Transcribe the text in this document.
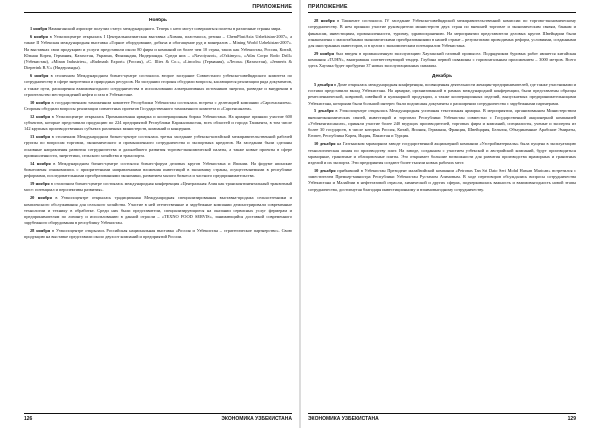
ПРИЛОЖЕНИЕ
Ноябрь

1 ноября Наманганский аэропорт получил статус международного. Теперь с него могут совершаться полеты в различные страны мира.

6 ноября в Узэкспоцентре открылась I Центральноазиатская выставка «Химия, пластмасса, резина – ChemPlastAsia Uzbekistan-2007», а также II Узбекская международная выставка «Горное оборудование, добыча и обогащение руд и минералов – Mining World Uzbekistan-2007». На выставках свои продукцию и услуги представили около 80 фирм и компаний из более чем 10 стран, таких как Узбекистан, Россия, Китай, Южная Корея, Германия, Казахстан, Украина, Финляндия, Нидерланды. Среди них – «Navoiyazot», «O'zkimyo», «Atlas Corpo Rodo Drill» (Узбекистан), «Minan Industries», «Rudmash Export» (Россия), «C. Illies & Co.», «Lincoln» (Германия), «Лесон» (Казахстан), «Jenneris & Dieperink B.V.» (Нидерланды).

6 ноября в столичном Международном бизнес-центре состоялось второе заседание Совместного узбекско-швейцарского комитета по сотрудничеству в сфере энергетики и природных ресурсов. На заседании стороны обсудили вопросы, касающиеся реализации ряда документов, а также пути, расширения взаимовыгодного сотрудничества в использовании альтернативных источников энергии, разведке и внедрении в строительство месторождений нефти и газа в Узбекистане.

10 ноября в государственном таможенном комитете Республики Узбекистан состоялась встреча с делегацией компании «Сарсенсанлем». Стороны обсудили вопросы реализации совместных проектов Государственного таможенного комитета и «Сарсенсанлем».

12 ноября в Узэкспоцентре открылась Промышленная ярмарка и кооперационная биржа Узбекистана. На ярмарке приняли участие 600 субъектов, которые представили продукцию по 224 предприятий Республики Каракалпакстан, всех областей и города Ташкента, в том числе 142 крупных производственных субъекта различных министерств, компаний и концернов.

13 ноября в столичном Международном бизнес-центре состоялась третья заседание узбекско-китайской межправительственной рабочей группы по вопросам торговли, экономического и промышленного сотрудничества и экспортных кредитов. На заседании были сделаны основные направления развития сотрудничества и дальнейшего развития торгово-экономической палаты, а также новые проекты в сфере промышленности, энергетики, сельского хозяйства и транспорта.

14 ноября в Международном бизнес-центре состоялся бизнес-форум деловых кругов Узбекистана и Японии. На форуме японские бизнесмены ознакомились с приоритетными направлениями вложения инвестиций в экономику страны, осуществляемыми в республике реформами, последовательными преобразованиями экономики, развитием малого бизнеса и частного предпринимательства.

19 ноября в столичном бизнес-центре состоялась международная конференция «Центральная Азия как трансконтинентальный транзитный мост: потенциал и перспективы развития».

20 ноября в Узэкспоцентре открылась традиционная Международная специализированная выставка-продажа сельхозтехники и комплексного обслуживания для сельского хозяйства. Участие в ней отечественные и зарубежные компании демонстрировали современные технологии и технику в обработке. Среди них были представители, специализирующиеся на оказании сервисных услуг фермерам и предпринимателям по лизингу и использованию в данной отрасли – «TEXNO FOOD SERVIS», занимающийся доставкой современного зарубежного оборудования в республику Узбекистан.

28 ноября в Узэкспоцентре открылась Российская национальная выставка «Россия и Узбекистан – стратегическое партнерство». Свою продукцию на выставке представили около двухсот компаний и предприятий России.

126	ЭКОНОМИКА УЗБЕКИСТАНА
ПРИЛОЖЕНИЕ

28 ноября в Ташкенте состоялось IV заседание Узбекско-швейцарской межправительственной комиссии по торгово-экономическому сотрудничеству. В нем приняли участие руководители министерств двух стран по внешней торговле и экономическим связям, банкам и финансам, инвестициям, промышленности, туризму, здравоохранению. На мероприятии представители деловых кругов Швейцарии были ознакомлены с масштабными экономическими преобразованиями в нашей стране – результатами проводимых реформ, условиями, созданными для иностранных инвесторов, и в целом с экономическим потенциалом Узбекистана.

29 ноября был введен в промышленную эксплуатацию Хаузакский газовый промысел. Подрядчиком буровых работ является китайская компания «TUHN», выигравшая соответствующий тендер. Глубина первой скважины с горизонтальным проложением – 3000 метров. Всего здесь Хаузака будет пробурено 37 новых эксплуатационных скважин.

Декабрь

5 декабря в Доме открылась международная конференция, посвященная деятельности женщин-предпринимателей, где также участниками и гостями представили вклад Узбекистана. На ярмарке, организованной в рамках международной конференции, были представлены образцы ремесленнической, ковровой, швейной и кулинарной продукции, а также кооперационных изделий, выпускаемых предпринимательницами Узбекистана, которыми были большой интерес были подписаны документы о расширении сотрудничества с зарубежными партнерами.

5 декабря в Узэкспоцентре открылась Международная успешная текстильная ярмарка. В мероприятии, организованном Министерством внешнеэкономических связей, инвестиций и торговли Республики Узбекистан совместно с Государственной акционерной компанией «Узбекенгилсаноат», приняли участие более 240 ведущих производителей, торговых фирм и компаний, специалисты, ученые и эксперты из более 30 государств, в числе которых Россия, Китай, Япония, Германия, Франция, Швейцария, Бельгия, Объединенные Арабские Эмираты, Египет, Республика Корея, Индия, Пакистан и Турция.

10 декабря на Газгынском мраморном заводе государственной акционерной компании «Узстройматериалы» была пущена в эксплуатацию технологическая линия по производству плит. На заводе, созданном с участием узбекской и австрийской компаний, будут производиться мраморные, гранитные и облицовочные плиты. Это открывает большие возможности для развития производства мраморных и гранитных изделий и их экспорта. Эти предприятия создают более тысячи новых рабочих мест.

10 декабря прибывший в Узбекистан Президент малайзийской компании «Petronas Tan Sri Dato Seri Mohd Hassan Marican» встретился с заместителем Премьер-министра Республики Узбекистан Рустамом Азимовым. В ходе переговоров обсуждались вопросы сотрудничества Узбекистана и Малайзии в нефтегазовой отрасли, химической и других сферах, подчеркивалась важность и взаимовыгодность новой этапы сотрудничества, достигнутая благодаря инвестиционному и взаимовыгодному сотрудничеству.

ЭКОНОМИКА УЗБЕКИСТАНА	129
